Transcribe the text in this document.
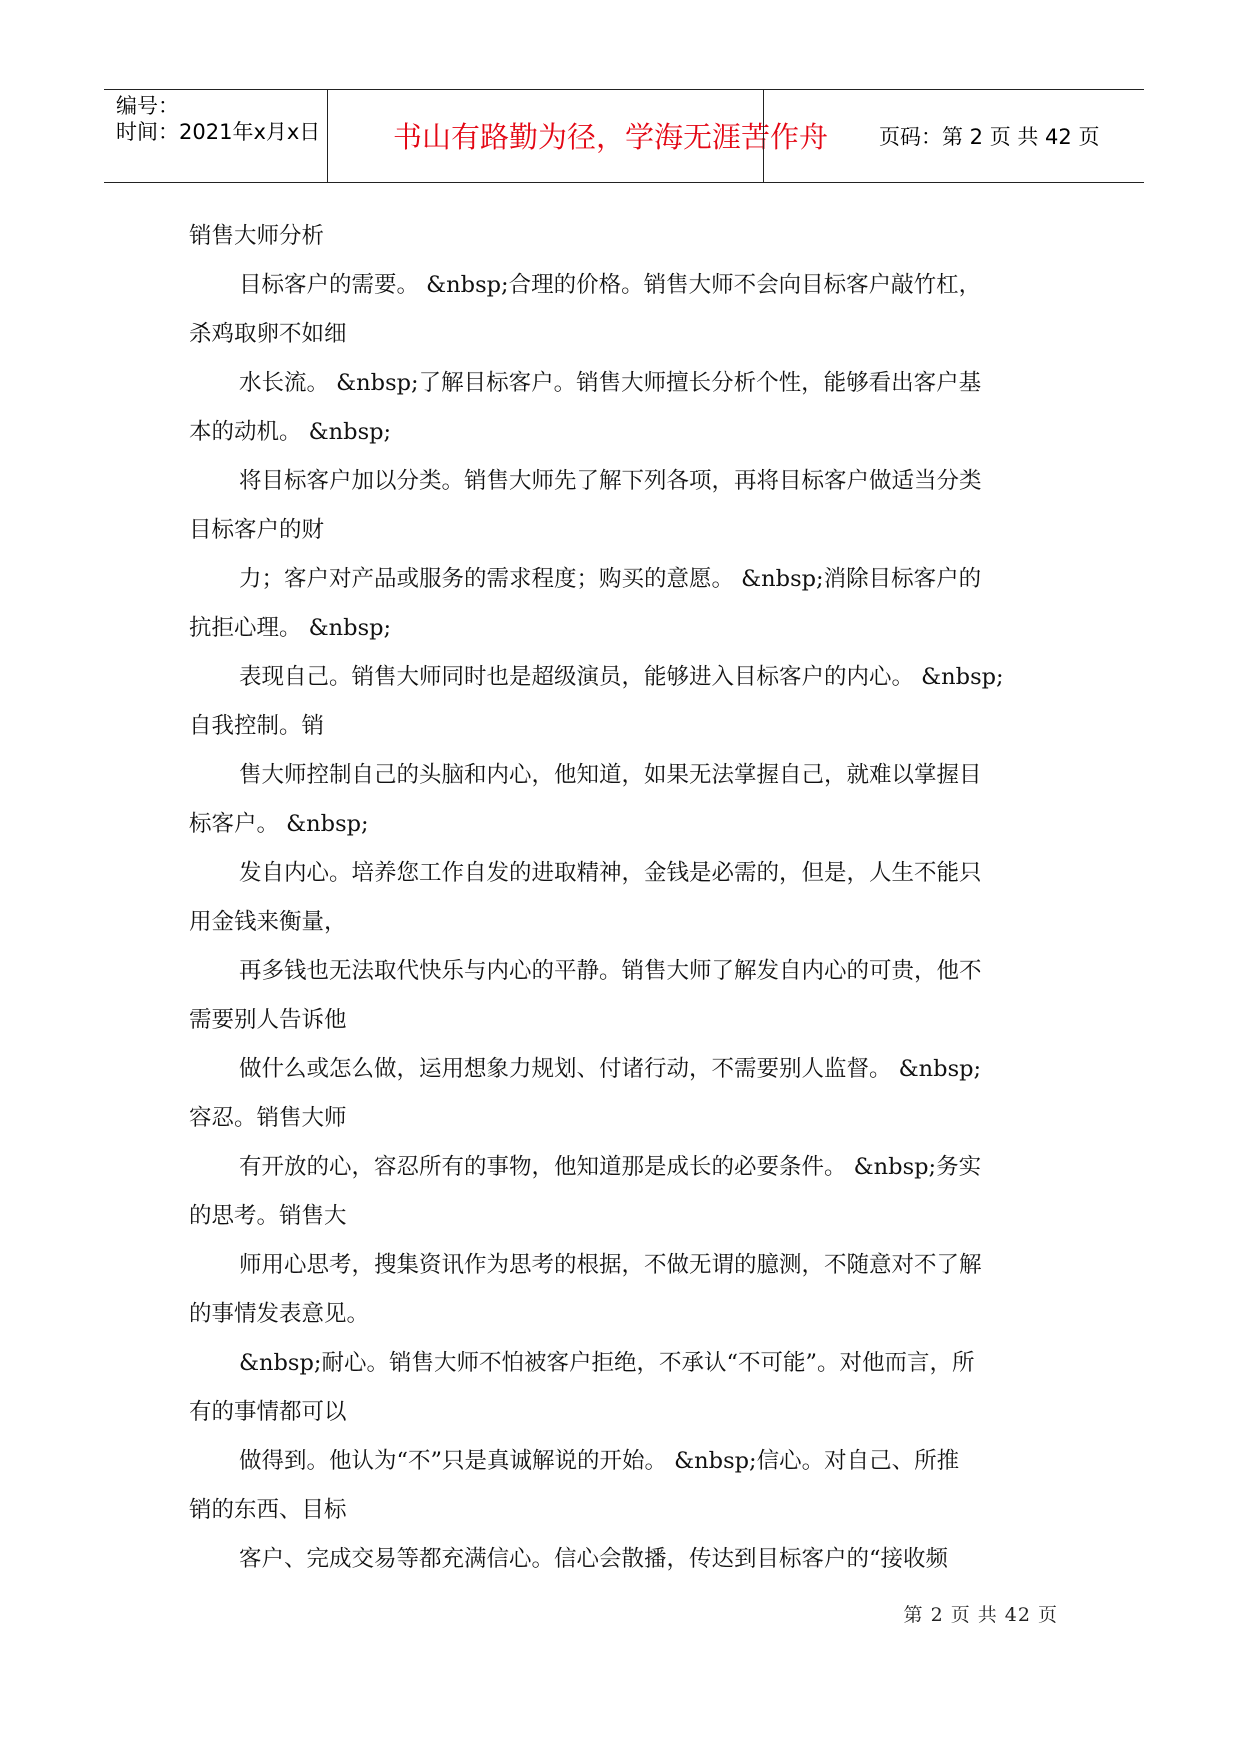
编号：
时间：2021年x月x日	书山有路勤为径，学海无涯苦作舟	页码：第 2 页 共 42 页

销售大师分析

目标客户的需要。 &nbsp;合理的价格。销售大师不会向目标客户敲竹杠，

杀鸡取卵不如细

水长流。 &nbsp;了解目标客户。销售大师擅长分析个性，能够看出客户基

本的动机。 &nbsp;

将目标客户加以分类。销售大师先了解下列各项，再将目标客户做适当分类

目标客户的财

力；客户对产品或服务的需求程度；购买的意愿。 &nbsp;消除目标客户的

抗拒心理。 &nbsp;

表现自己。销售大师同时也是超级演员，能够进入目标客户的内心。 &nbsp;

自我控制。销

售大师控制自己的头脑和内心，他知道，如果无法掌握自己，就难以掌握目

标客户。 &nbsp;

发自内心。培养您工作自发的进取精神，金钱是必需的，但是，人生不能只

用金钱来衡量，

再多钱也无法取代快乐与内心的平静。销售大师了解发自内心的可贵，他不

需要别人告诉他

做什么或怎么做，运用想象力规划、付诸行动，不需要别人监督。 &nbsp;

容忍。销售大师

有开放的心，容忍所有的事物，他知道那是成长的必要条件。 &nbsp;务实

的思考。销售大

师用心思考，搜集资讯作为思考的根据，不做无谓的臆测，不随意对不了解

的事情发表意见。

&nbsp;耐心。销售大师不怕被客户拒绝，不承认“不可能”。对他而言，所

有的事情都可以

做得到。他认为“不”只是真诚解说的开始。 &nbsp;信心。对自己、所推

销的东西、目标

客户、完成交易等都充满信心。信心会散播，传达到目标客户的“接收频

第 2 页 共 42 页
